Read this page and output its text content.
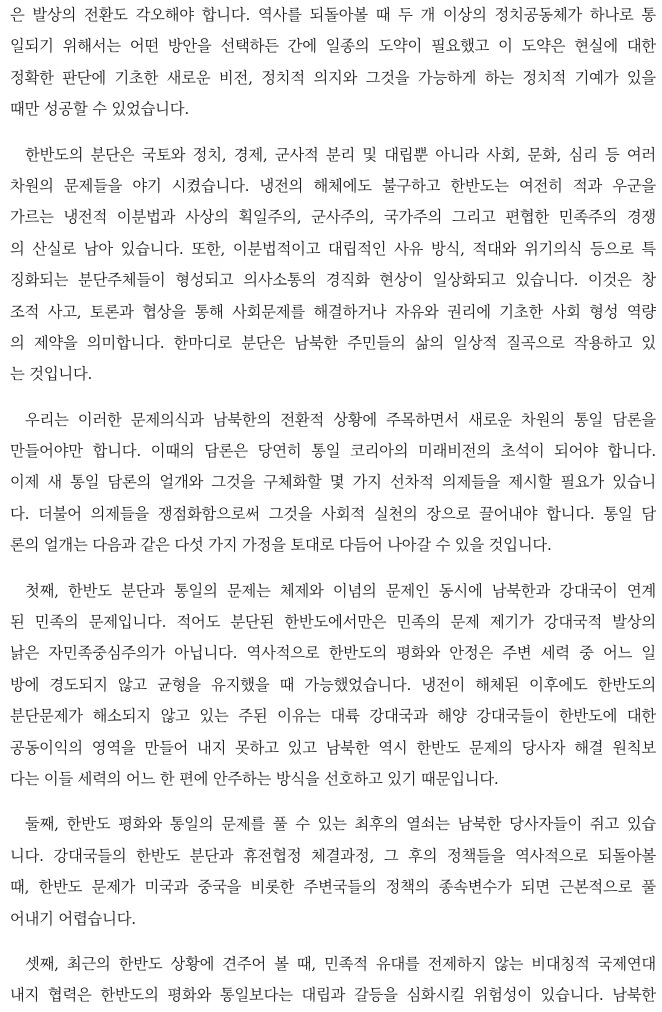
은 발상의 전환도 각오해야 합니다. 역사를 되돌아볼 때 두 개 이상의 정치공동체가 하나로 통
일되기 위해서는 어떤 방안을 선택하든 간에 일종의 도약이 필요했고 이 도약은 현실에 대한
정확한 판단에 기초한 새로운 비전, 정치적 의지와 그것을 가능하게 하는 정치적 기예가 있을
때만 성공할 수 있었습니다.
한반도의 분단은 국토와 정치, 경제, 군사적 분리 및 대립뿐 아니라 사회, 문화, 심리 등 여러
차원의 문제들을 야기 시켰습니다. 냉전의 해체에도 불구하고 한반도는 여전히 적과 우군을
가르는 냉전적 이분법과 사상의 획일주의, 군사주의, 국가주의 그리고 편협한 민족주의 경쟁
의 산실로 남아 있습니다. 또한, 이분법적이고 대립적인 사유 방식, 적대와 위기의식 등으로 특
징화되는 분단주체들이 형성되고 의사소통의 경직화 현상이 일상화되고 있습니다. 이것은 창
조적 사고, 토론과 협상을 통해 사회문제를 해결하거나 자유와 권리에 기초한 사회 형성 역량
의 제약을 의미합니다. 한마디로 분단은 남북한 주민들의 삶의 일상적 질곡으로 작용하고 있
는 것입니다.
우리는 이러한 문제의식과 남북한의 전환적 상황에 주목하면서 새로운 차원의 통일 담론을
만들어야만 합니다. 이때의 담론은 당연히 통일 코리아의 미래비전의 초석이 되어야 합니다.
이제 새 통일 담론의 얼개와 그것을 구체화할 몇 가지 선차적 의제들을 제시할 필요가 있습니
다. 더불어 의제들을 쟁점화함으로써 그것을 사회적 실천의 장으로 끌어내야 합니다. 통일 담
론의 얼개는 다음과 같은 다섯 가지 가정을 토대로 다듬어 나아갈 수 있을 것입니다.
첫째, 한반도 분단과 통일의 문제는 체제와 이념의 문제인 동시에 남북한과 강대국이 연계
된 민족의 문제입니다. 적어도 분단된 한반도에서만은 민족의 문제 제기가 강대국적 발상의
낡은 자민족중심주의가 아닙니다. 역사적으로 한반도의 평화와 안정은 주변 세력 중 어느 일
방에 경도되지 않고 균형을 유지했을 때 가능했었습니다. 냉전이 해체된 이후에도 한반도의
분단문제가 해소되지 않고 있는 주된 이유는 대륙 강대국과 해양 강대국들이 한반도에 대한
공동이익의 영역을 만들어 내지 못하고 있고 남북한 역시 한반도 문제의 당사자 해결 원칙보
다는 이들 세력의 어느 한 편에 안주하는 방식을 선호하고 있기 때문입니다.
둘째, 한반도 평화와 통일의 문제를 풀 수 있는 최후의 열쇠는 남북한 당사자들이 쥐고 있습
니다. 강대국들의 한반도 분단과 휴전협정 체결과정, 그 후의 정책들을 역사적으로 되돌아볼
때, 한반도 문제가 미국과 중국을 비롯한 주변국들의 정책의 종속변수가 되면 근본적으로 풀
어내기 어렵습니다.
셋째, 최근의 한반도 상황에 견주어 볼 때, 민족적 유대를 전제하지 않는 비대칭적 국제연대
내지 협력은 한반도의 평화와 통일보다는 대립과 갈등을 심화시킬 위험성이 있습니다. 남북한
